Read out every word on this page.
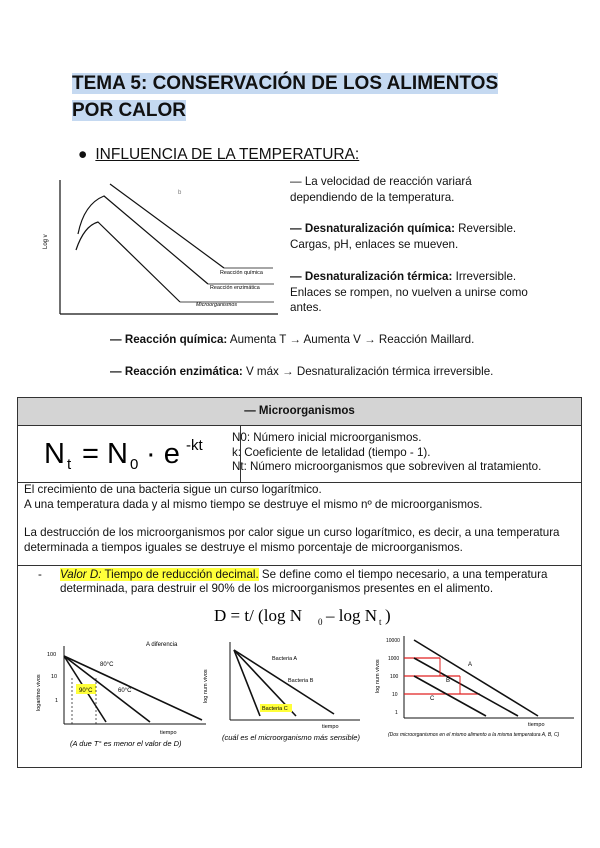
TEMA 5: CONSERVACIÓN DE LOS ALIMENTOS POR CALOR
● INFLUENCIA DE LA TEMPERATURA:
Log v
b
Reacción química
Reacción enzimática
Microorganismos
— La velocidad de reacción variará dependiendo de la temperatura.
— Desnaturalización química: Reversible. Cargas, pH, enlaces se mueven.
— Desnaturalización térmica: Irreversible. Enlaces se rompen, no vuelven a unirse como antes.
— Reacción química: Aumenta T → Aumenta V → Reacción Maillard.
— Reacción enzimática: V máx → Desnaturalización térmica irreversible.
— Microorganismos
N t = N 0 · e -kt	N0: Número inicial microorganismos.
k: Coeficiente de letalidad (tiempo - 1).
Nt: Número microorganismos que sobreviven al tratamiento.

El crecimiento de una bacteria sigue un curso logarítmico.

A una temperatura dada y al mismo tiempo se destruye el mismo nº de microorganismos.

La destrucción de los microorganismos por calor sigue un curso logarítmico, es decir, a una temperatura determinada a tiempos iguales se destruye el mismo porcentaje de microorganismos.

- Valor D: Tiempo de reducción decimal. Se define como el tiempo necesario, a una temperatura determinada, para destruir el 90% de los microorganismos presentes en el alimento.
D = t/ (log N 0 – log N t )
logaritmo vivos
100
10
1
90°C	60°C
80°C
A diferencia
tiempo
(A due T° es menor el valor de D)
log num vivos
Bacteria A
Bacteria B
Bacteria C
tiempo
(cuál es el microorganismo más sensible)
log num vivos
10000
1000
100
10
1
A
B
C
tiempo
(Dos microorganismos en el mismo alimento a la misma temperatura A, B, C)
